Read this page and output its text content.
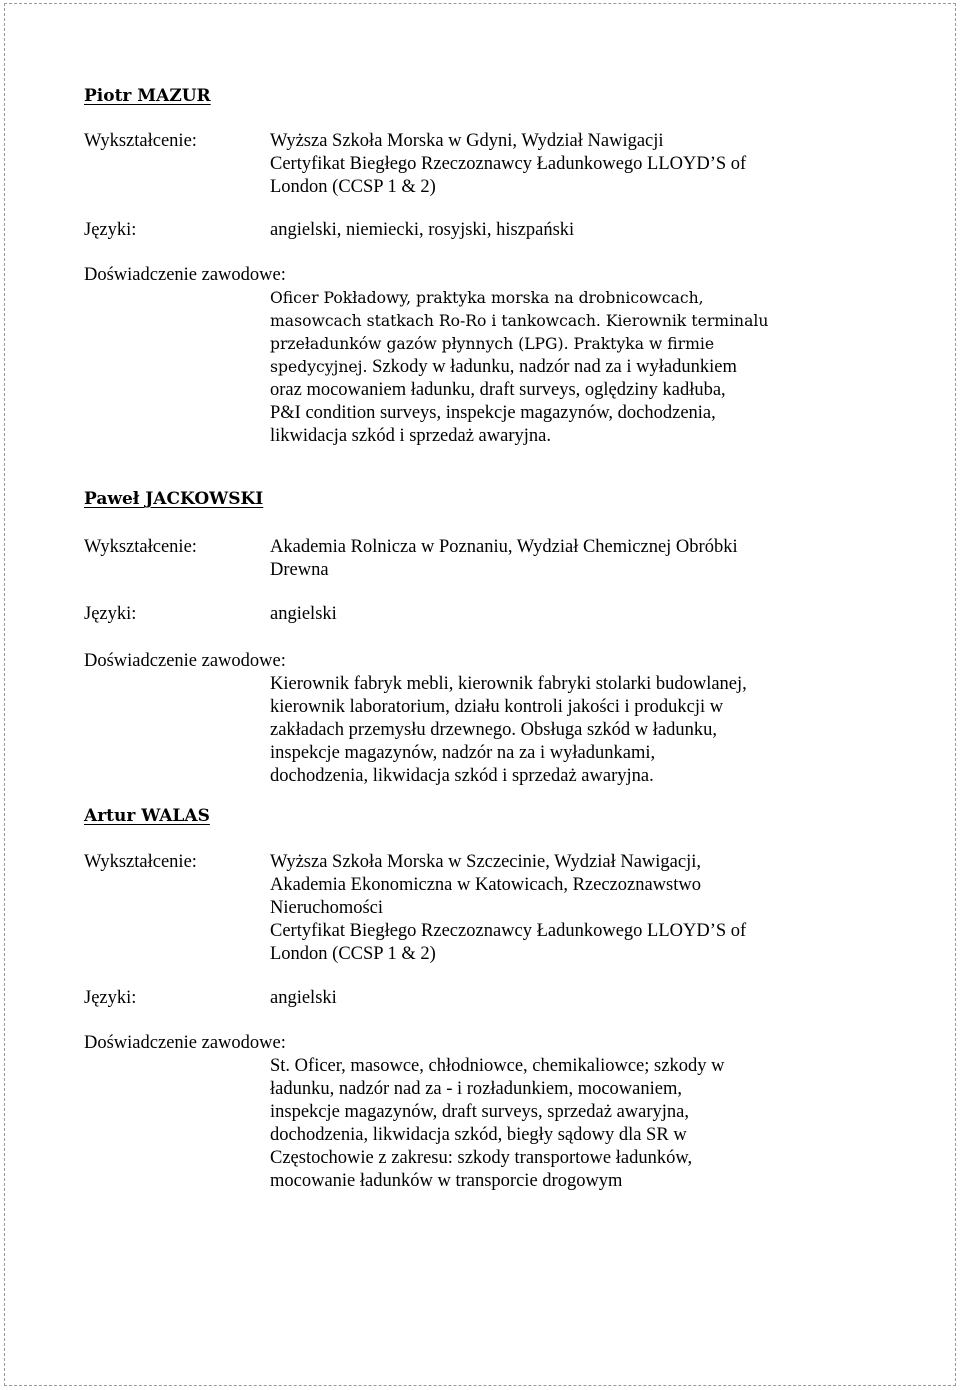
Piotr MAZUR
Wykształcenie:	Wyższa Szkoła Morska w Gdyni, Wydział Nawigacji
Certyfikat Biegłego Rzeczoznawcy Ładunkowego LLOYD’S of
London (CCSP 1 & 2)
Języki:	angielski, niemiecki, rosyjski, hiszpański
Doświadczenie zawodowe:
Oficer Pokładowy, praktyka morska na drobnicowcach,
masowcach statkach Ro-Ro i tankowcach. Kierownik terminalu
przeładunków gazów płynnych (LPG). Praktyka w firmie
spedycyjnej. Szkody w ładunku, nadzór nad za i wyładunkiem
oraz mocowaniem ładunku, draft surveys, oględziny kadłuba,
P&I condition surveys, inspekcje magazynów, dochodzenia,
likwidacja szkód i sprzedaż awaryjna.
Paweł JACKOWSKI
Wykształcenie:	Akademia Rolnicza w Poznaniu, Wydział Chemicznej Obróbki
Drewna
Języki:	angielski
Doświadczenie zawodowe:
Kierownik fabryk mebli, kierownik fabryki stolarki budowlanej,
kierownik laboratorium, działu kontroli jakości i produkcji w
zakładach przemysłu drzewnego. Obsługa szkód w ładunku,
inspekcje magazynów, nadzór na za i wyładunkami,
dochodzenia, likwidacja szkód i sprzedaż awaryjna.
Artur WALAS
Wykształcenie:	Wyższa Szkoła Morska w Szczecinie, Wydział Nawigacji,
Akademia Ekonomiczna w Katowicach, Rzeczoznawstwo
Nieruchomości
Certyfikat Biegłego Rzeczoznawcy Ładunkowego LLOYD’S of
London (CCSP 1 & 2)
Języki:	angielski
Doświadczenie zawodowe:
St. Oficer, masowce, chłodniowce, chemikaliowce; szkody w
ładunku, nadzór nad za - i rozładunkiem, mocowaniem,
inspekcje magazynów, draft surveys, sprzedaż awaryjna,
dochodzenia, likwidacja szkód, biegły sądowy dla SR w
Częstochowie z zakresu: szkody transportowe ładunków,
mocowanie ładunków w transporcie drogowym
